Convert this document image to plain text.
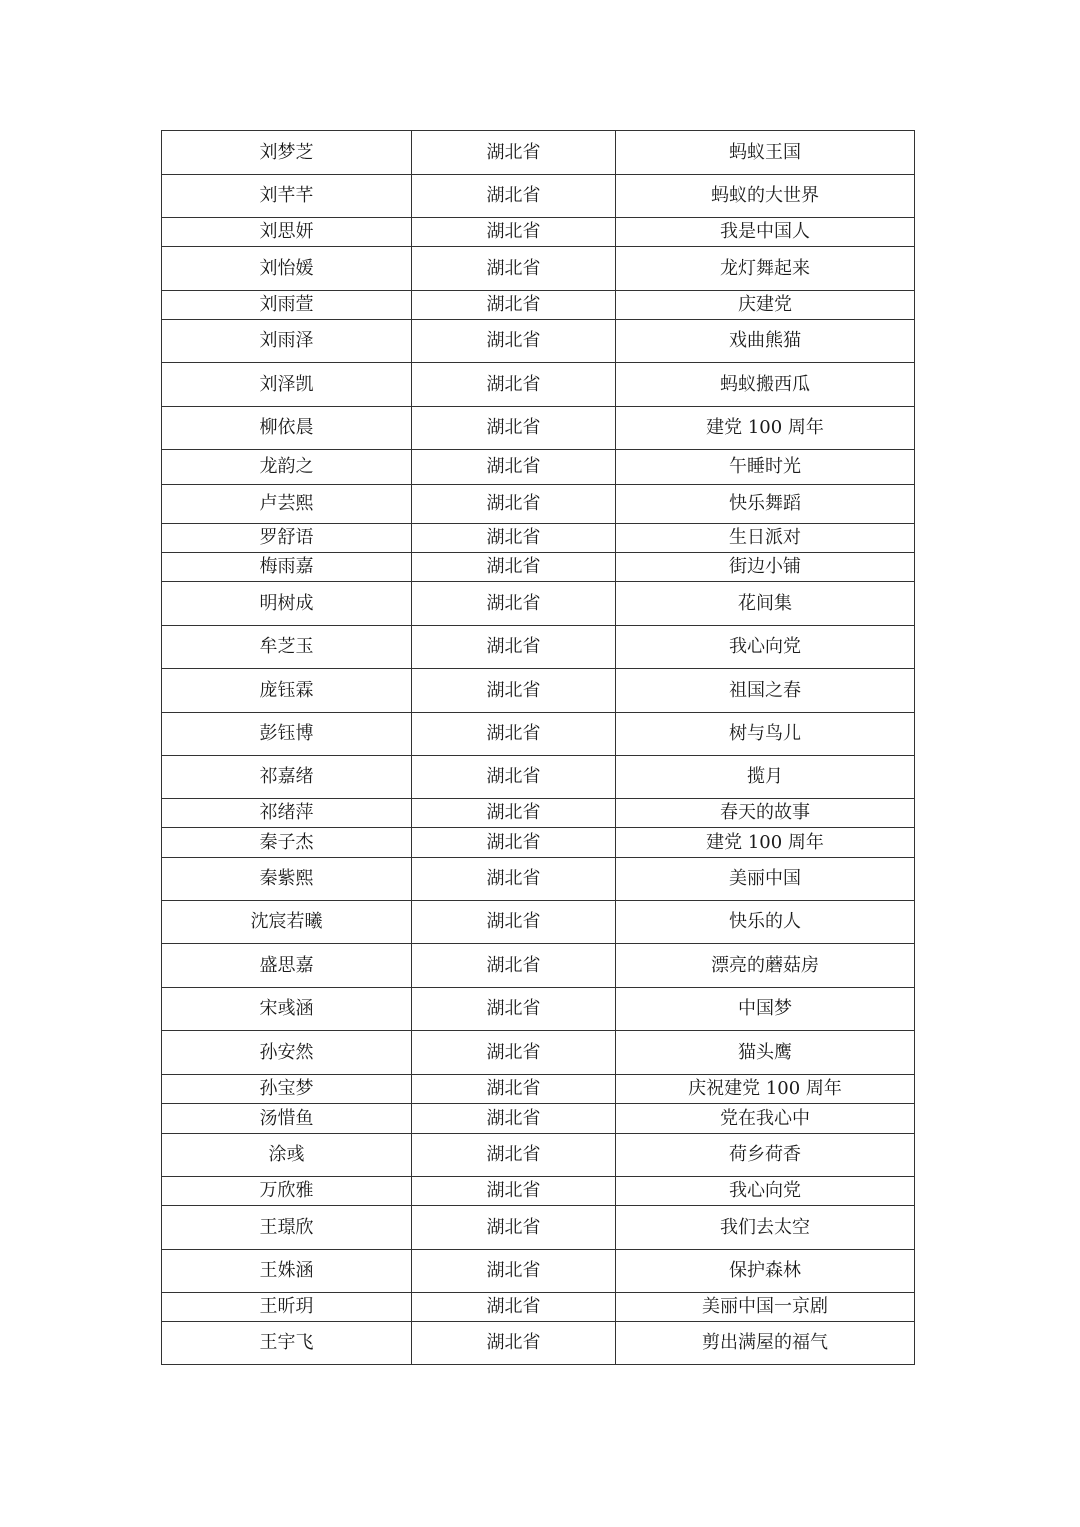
刘梦芝	湖北省	蚂蚁王国
刘芊芊	湖北省	蚂蚁的大世界
刘思妍	湖北省	我是中国人
刘怡媛	湖北省	龙灯舞起来
刘雨萱	湖北省	庆建党
刘雨泽	湖北省	戏曲熊猫
刘泽凯	湖北省	蚂蚁搬西瓜
柳依晨	湖北省	建党 100 周年
龙韵之	湖北省	午睡时光
卢芸熙	湖北省	快乐舞蹈
罗舒语	湖北省	生日派对
梅雨嘉	湖北省	街边小铺
明树成	湖北省	花间集
牟芝玉	湖北省	我心向党
庞钰霖	湖北省	祖国之春
彭钰博	湖北省	树与鸟儿
祁嘉绪	湖北省	揽月
祁绪萍	湖北省	春天的故事
秦子杰	湖北省	建党 100 周年
秦紫熙	湖北省	美丽中国
沈宸若曦	湖北省	快乐的人
盛思嘉	湖北省	漂亮的蘑菇房
宋彧涵	湖北省	中国梦
孙安然	湖北省	猫头鹰
孙宝梦	湖北省	庆祝建党 100 周年
汤惜鱼	湖北省	党在我心中
涂彧	湖北省	荷乡荷香
万欣雅	湖北省	我心向党
王璟欣	湖北省	我们去太空
王姝涵	湖北省	保护森林
王昕玥	湖北省	美丽中国一京剧
王宇飞	湖北省	剪出满屋的福气
